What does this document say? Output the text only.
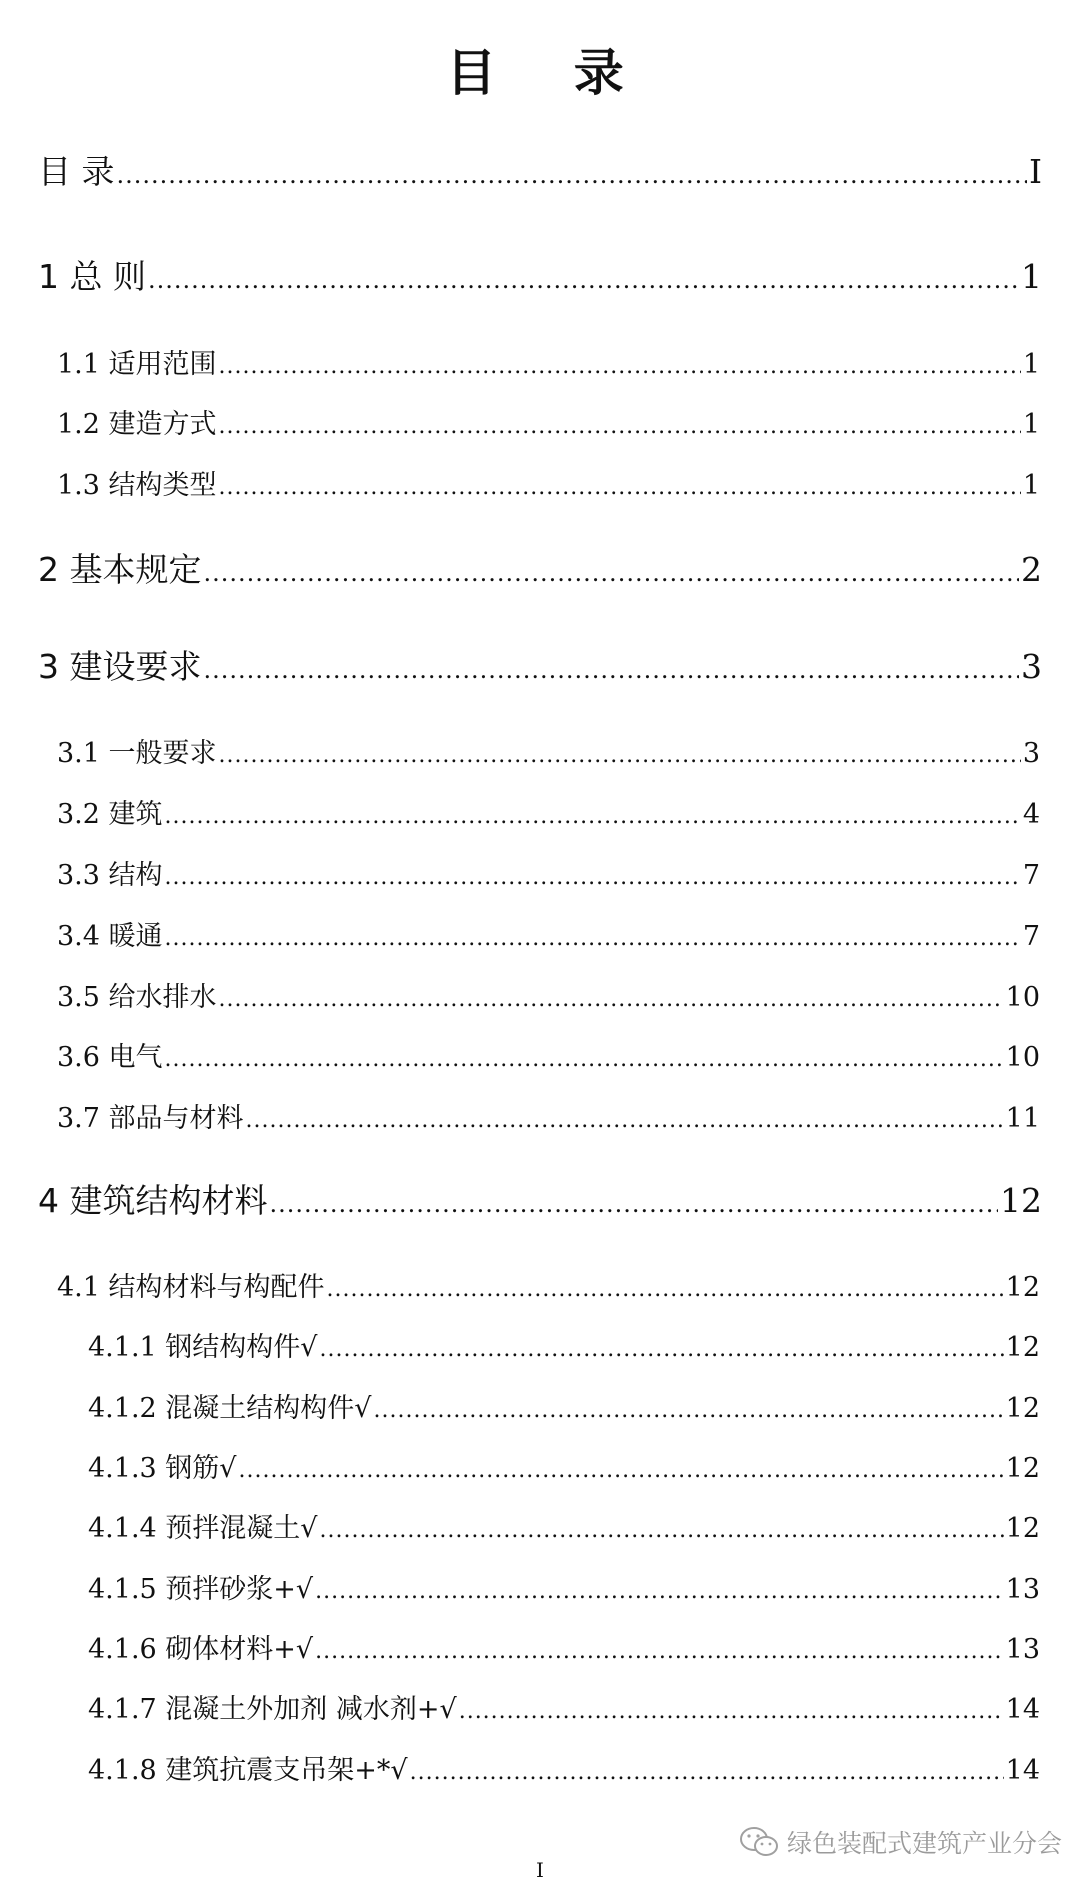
目 录
目 录 .....	I
1 总 则 .....	1
1.1 适用范围 .....	1
1.2 建造方式 .....	1
1.3 结构类型 .....	1
2 基本规定 .....	2
3 建设要求 .....	3
3.1 一般要求 .....	3
3.2 建筑 .....	4
3.3 结构 .....	7
3.4 暖通 .....	7
3.5 给水排水 .....	10
3.6 电气 .....	10
3.7 部品与材料 .....	11
4 建筑结构材料 .....	12
4.1 结构材料与构配件 .....	12
4.1.1 钢结构构件√ .....	12
4.1.2 混凝土结构构件√ .....	12
4.1.3 钢筋√ .....	12
4.1.4 预拌混凝土√ .....	12
4.1.5 预拌砂浆+√ .....	13
4.1.6 砌体材料+√ .....	13
4.1.7 混凝土外加剂 减水剂+√ .....	14
4.1.8 建筑抗震支吊架+*√ .....	14
绿色装配式建筑产业分会
I
